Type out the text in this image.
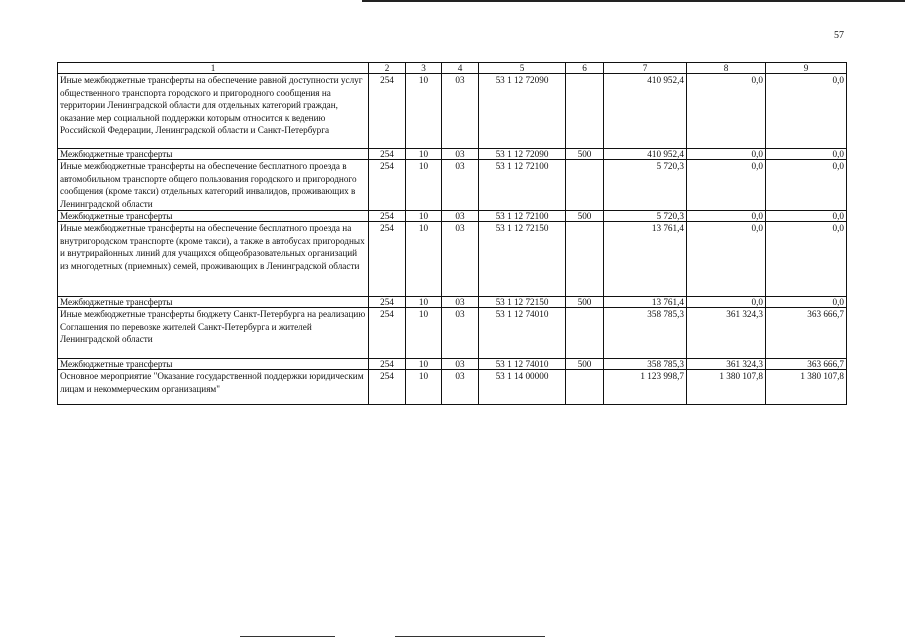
57
1	2	3	4	5	6	7	8	9
Иные межбюджетные трансферты на обеспечение равной доступности услуг общественного транспорта городского и пригородного сообщения на территории Ленинградской области для отдельных категорий граждан, оказание мер социальной поддержки которым относится к ведению Российской Федерации, Ленинградской области и Санкт-Петербурга	254	10	03	53 1 12 72090		410 952,4	0,0	0,0
Межбюджетные трансферты	254	10	03	53 1 12 72090	500	410 952,4	0,0	0,0
Иные межбюджетные трансферты на обеспечение бесплатного проезда в автомобильном транспорте общего пользования городского и пригородного сообщения (кроме такси) отдельных категорий инвалидов, проживающих в Ленинградской области	254	10	03	53 1 12 72100		5 720,3	0,0	0,0
Межбюджетные трансферты	254	10	03	53 1 12 72100	500	5 720,3	0,0	0,0
Иные межбюджетные трансферты на обеспечение бесплатного проезда на внутригородском транспорте (кроме такси), а также в автобусах пригородных и внутрирайонных линий для учащихся общеобразовательных организаций из многодетных (приемных) семей, проживающих в Ленинградской области	254	10	03	53 1 12 72150		13 761,4	0,0	0,0
Межбюджетные трансферты	254	10	03	53 1 12 72150	500	13 761,4	0,0	0,0
Иные межбюджетные трансферты бюджету Санкт-Петербурга на реализацию Соглашения по перевозке жителей Санкт-Петербурга и жителей Ленинградской области	254	10	03	53 1 12 74010		358 785,3	361 324,3	363 666,7
Межбюджетные трансферты	254	10	03	53 1 12 74010	500	358 785,3	361 324,3	363 666,7
Основное мероприятие "Оказание государственной поддержки юридическим лицам и некоммерческим организациям"	254	10	03	53 1 14 00000		1 123 998,7	1 380 107,8	1 380 107,8
